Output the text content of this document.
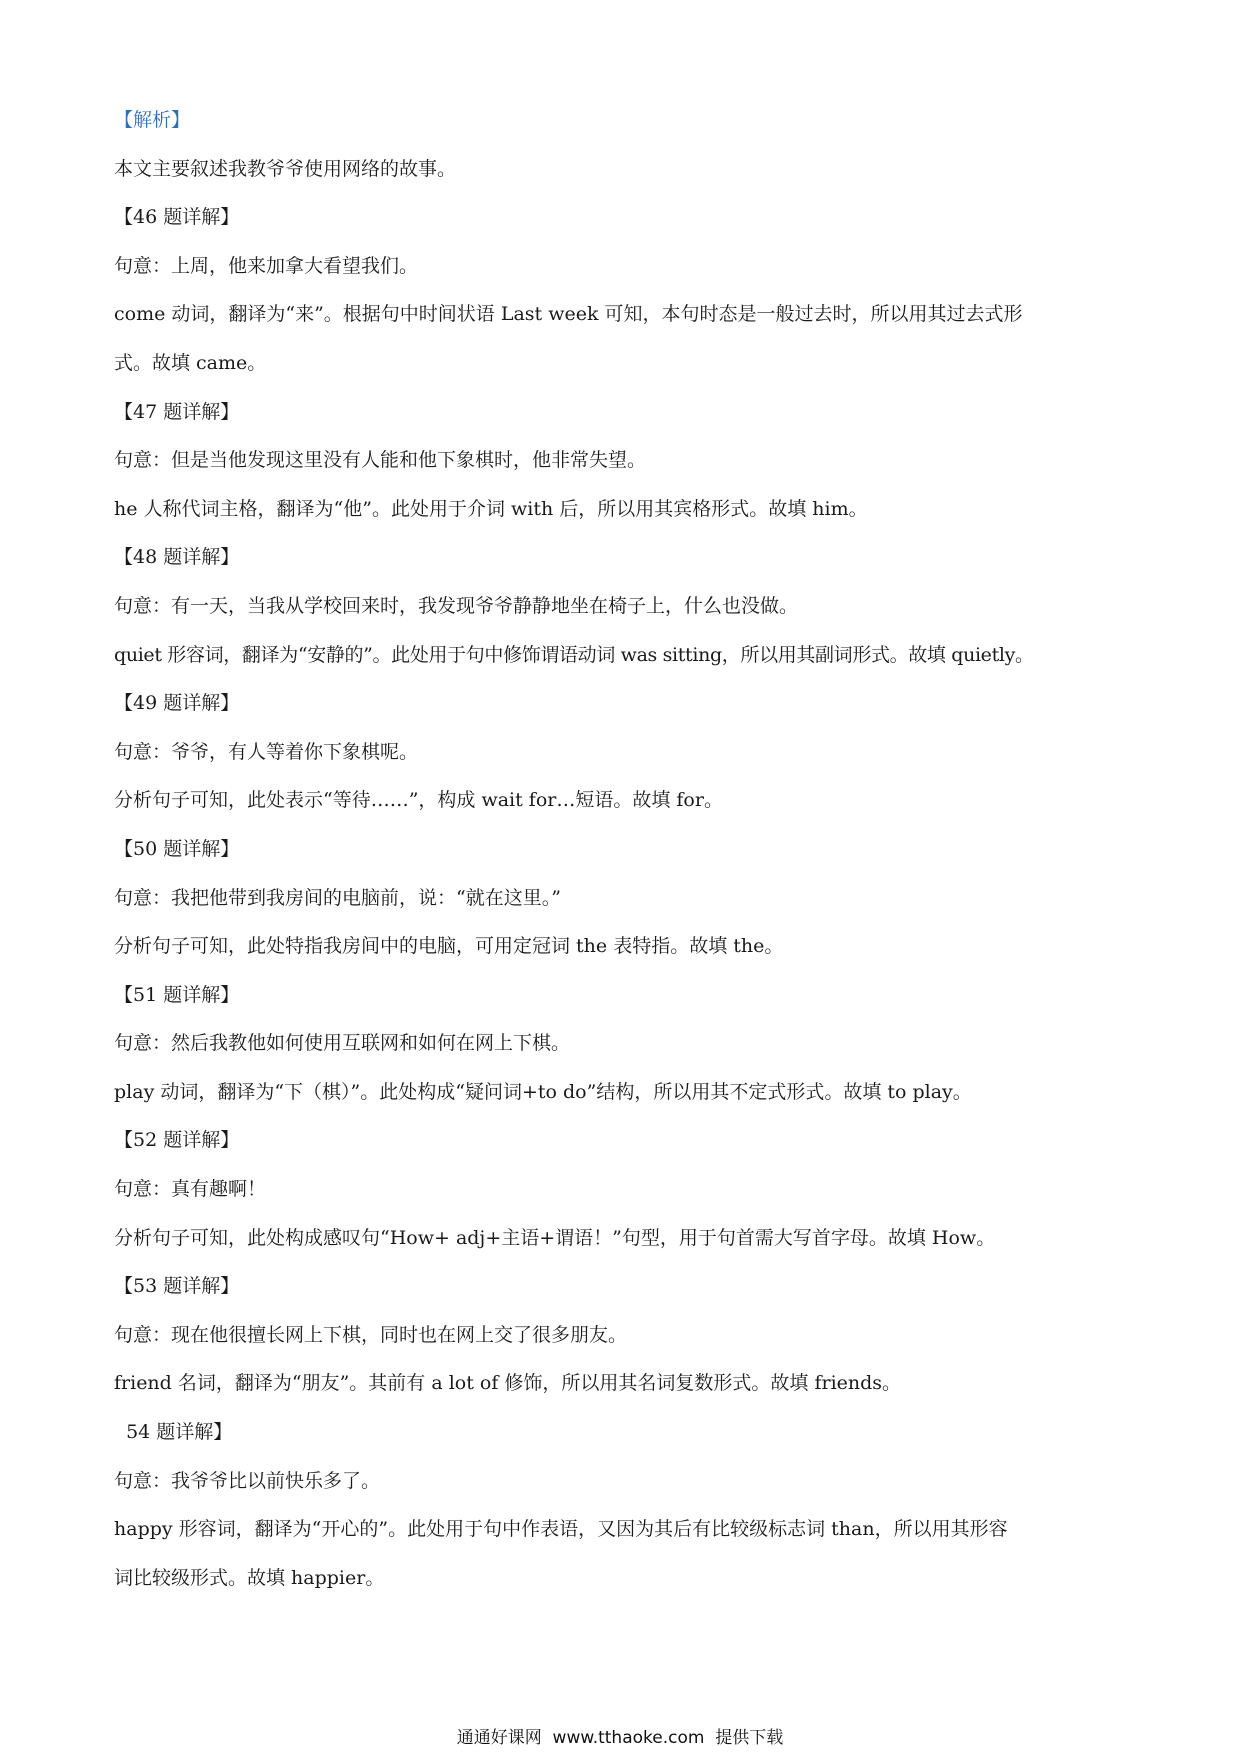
【解析】
本文主要叙述我教爷爷使用网络的故事。
【46 题详解】
句意：上周，他来加拿大看望我们。
come 动词，翻译为“来”。根据句中时间状语 Last week 可知，本句时态是一般过去时，所以用其过去式形
式。故填 came。
【47 题详解】
句意：但是当他发现这里没有人能和他下象棋时，他非常失望。
he 人称代词主格，翻译为“他”。此处用于介词 with 后，所以用其宾格形式。故填 him。
【48 题详解】
句意：有一天，当我从学校回来时，我发现爷爷静静地坐在椅子上，什么也没做。
quiet 形容词，翻译为“安静的”。此处用于句中修饰谓语动词 was sitting，所以用其副词形式。故填 quietly。
【49 题详解】
句意：爷爷，有人等着你下象棋呢。
分析句子可知，此处表示“等待……”，构成 wait for…短语。故填 for。
【50 题详解】
句意：我把他带到我房间的电脑前，说：“就在这里。”
分析句子可知，此处特指我房间中的电脑，可用定冠词 the 表特指。故填 the。
【51 题详解】
句意：然后我教他如何使用互联网和如何在网上下棋。
play 动词，翻译为“下（棋）”。此处构成“疑问词+to do”结构，所以用其不定式形式。故填 to play。
【52 题详解】
句意：真有趣啊！
分析句子可知，此处构成感叹句“How+ adj+主语+谓语！”句型，用于句首需大写首字母。故填 How。
【53 题详解】
句意：现在他很擅长网上下棋，同时也在网上交了很多朋友。
friend 名词，翻译为“朋友”。其前有 a lot of 修饰，所以用其名词复数形式。故填 friends。
54 题详解】
句意：我爷爷比以前快乐多了。
happy 形容词，翻译为“开心的”。此处用于句中作表语，又因为其后有比较级标志词 than，所以用其形容
词比较级形式。故填 happier。
通通好课网  www.tthaoke.com  提供下载
